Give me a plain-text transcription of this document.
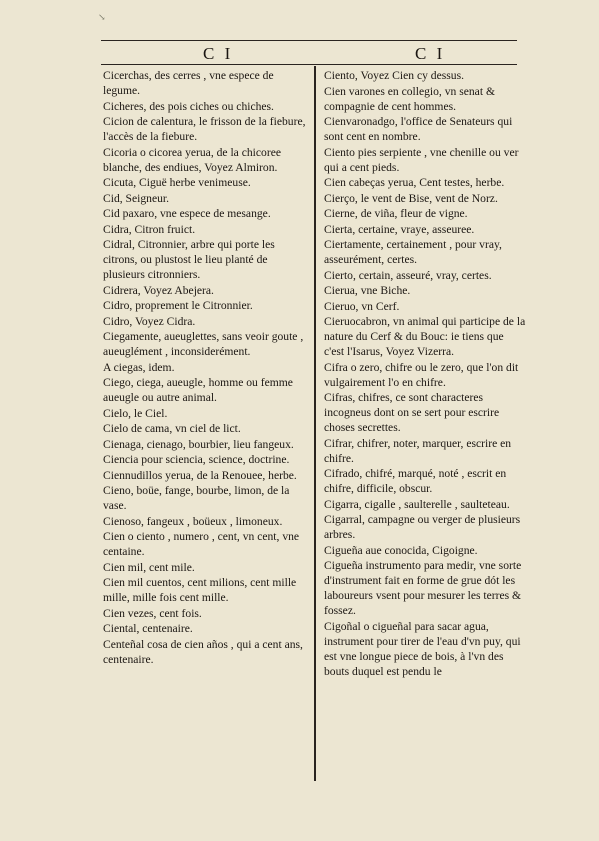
↘
C I	C I
Cicerchas, des cerres , vne espece de legume.
Cicheres, des pois ciches ou chiches.
Cicion de calentura, le frisson de la fiebure, l'accès de la fiebure.
Cicoria o cicorea yerua, de la chicoree blanche, des endiues, Voyez Almiron.
Cicuta, Ciguë herbe venimeuse.
Cid, Seigneur.
Cid paxaro, vne espece de mesange.
Cidra, Citron fruict.
Cidral, Citronnier, arbre qui porte les citrons, ou plustost le lieu planté de plusieurs citronniers.
Cidrera, Voyez Abejera.
Cidro, proprement le Citronnier.
Cidro, Voyez Cidra.
Ciegamente, aueuglettes, sans veoir goute , aueuglément , inconsiderément.
A ciegas, idem.
Ciego, ciega, aueugle, homme ou femme aueugle ou autre animal.
Cielo, le Ciel.
Cielo de cama, vn ciel de lict.
Cienaga, cienago, bourbier, lieu fangeux.
Ciencia pour sciencia, science, doctrine.
Ciennudillos yerua, de la Renouee, herbe.
Cieno, boüe, fange, bourbe, limon, de la vase.
Cienoso, fangeux , boüeux , limoneux.
Cien o ciento , numero , cent, vn cent, vne centaine.
Cien mil, cent mile.
Cien mil cuentos, cent milions, cent mille mille, mille fois cent mille.
Cien vezes, cent fois.
Ciental, centenaire.
Centeñal cosa de cien años , qui a cent ans, centenaire.
Ciento, Voyez Cien cy dessus.
Cien varones en collegio, vn senat & compagnie de cent hommes.
Cienvaronadgo, l'office de Senateurs qui sont cent en nombre.
Ciento pies serpiente , vne chenille ou ver qui a cent pieds.
Cien cabeças yerua, Cent testes, herbe.
Cierço, le vent de Bise, vent de Norz.
Cierne, de viña, fleur de vigne.
Cierta, certaine, vraye, asseuree.
Ciertamente, certainement , pour vray, asseurément, certes.
Cierto, certain, asseuré, vray, certes.
Cierua, vne Biche.
Cieruo, vn Cerf.
Cieruocabron, vn animal qui participe de la nature du Cerf & du Bouc: ie tiens que c'est l'Isarus, Voyez Vizerra.
Cifra o zero, chifre ou le zero, que l'on dit vulgairement l'o en chifre.
Cifras, chifres, ce sont characteres incogneus dont on se sert pour escrire choses secrettes.
Cifrar, chifrer, noter, marquer, escrire en chifre.
Cifrado, chifré, marqué, noté , escrit en chifre, difficile, obscur.
Cigarra, cigalle , saulterelle , saulteteau.
Cigarral, campagne ou verger de plusieurs arbres.
Cigueña aue conocida, Cigoigne.
Cigueña instrumento para medir, vne sorte d'instrument fait en forme de grue dót les laboureurs vsent pour mesurer les terres & fossez.
Cigoñal o cigueñal para sacar agua, instrument pour tirer de l'eau d'vn puy, qui est vne longue piece de bois, à l'vn des bouts duquel est pendu le
